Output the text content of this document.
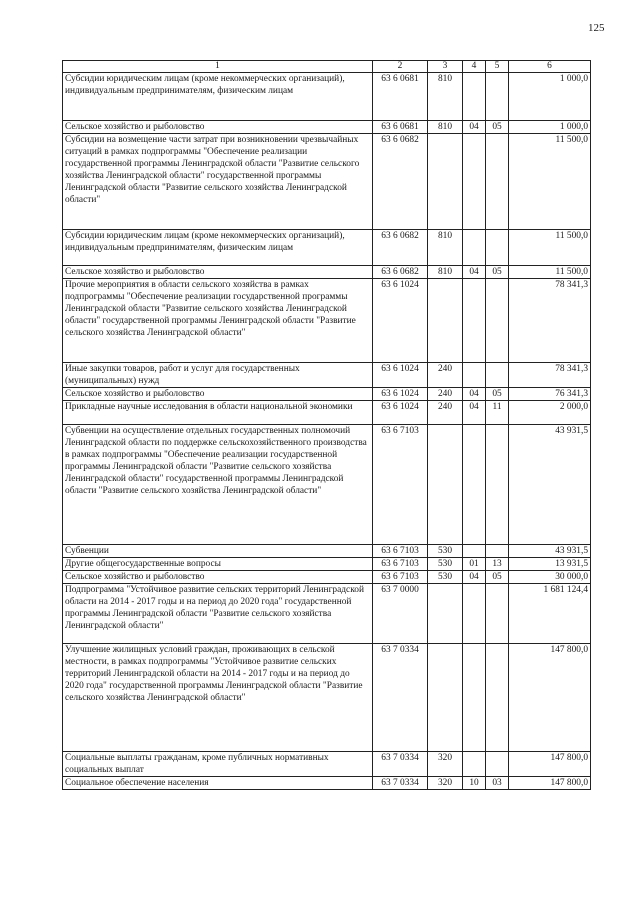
125
1	2	3	4	5	6
Субсидии юридическим лицам (кроме некоммерческих организаций), индивидуальным предпринимателям, физическим лицам	63 6 0681	810			1 000,0
Сельское хозяйство и рыболовство	63 6 0681	810	04	05	1 000,0
Субсидии на возмещение части затрат при возникновении чрезвычайных ситуаций в рамках подпрограммы "Обеспечение реализации государственной программы Ленинградской области "Развитие сельского хозяйства Ленинградской области" государственной программы Ленинградской области "Развитие сельского хозяйства Ленинградской области"	63 6 0682				11 500,0
Субсидии юридическим лицам (кроме некоммерческих организаций), индивидуальным предпринимателям, физическим лицам	63 6 0682	810			11 500,0
Сельское хозяйство и рыболовство	63 6 0682	810	04	05	11 500,0
Прочие мероприятия в области сельского хозяйства в рамках подпрограммы "Обеспечение реализации государственной программы Ленинградской области "Развитие сельского хозяйства Ленинградской области" государственной программы Ленинградской области "Развитие сельского хозяйства Ленинградской области"	63 6 1024				78 341,3
Иные закупки товаров, работ и услуг для государственных (муниципальных) нужд	63 6 1024	240			78 341,3
Сельское хозяйство и рыболовство	63 6 1024	240	04	05	76 341,3
Прикладные научные исследования в области национальной экономики	63 6 1024	240	04	11	2 000,0
Субвенции на осуществление отдельных государственных полномочий Ленинградской области по поддержке сельскохозяйственного производства в рамках подпрограммы "Обеспечение реализации государственной программы Ленинградской области "Развитие сельского хозяйства Ленинградской области" государственной программы Ленинградской области "Развитие сельского хозяйства Ленинградской области"	63 6 7103				43 931,5
Субвенции	63 6 7103	530			43 931,5
Другие общегосударственные вопросы	63 6 7103	530	01	13	13 931,5
Сельское хозяйство и рыболовство	63 6 7103	530	04	05	30 000,0
Подпрограмма "Устойчивое развитие сельских территорий Ленинградской области на 2014 - 2017 годы и на период до 2020 года" государственной программы Ленинградской области "Развитие сельского хозяйства Ленинградской области"	63 7 0000				1 681 124,4
Улучшение жилищных условий граждан, проживающих в сельской местности, в рамках подпрограммы "Устойчивое развитие сельских территорий Ленинградской области на 2014 - 2017 годы и на период до 2020 года" государственной программы Ленинградской области "Развитие сельского хозяйства Ленинградской области"	63 7 0334				147 800,0
Социальные выплаты гражданам, кроме публичных нормативных социальных выплат	63 7 0334	320			147 800,0
Социальное обеспечение населения	63 7 0334	320	10	03	147 800,0
